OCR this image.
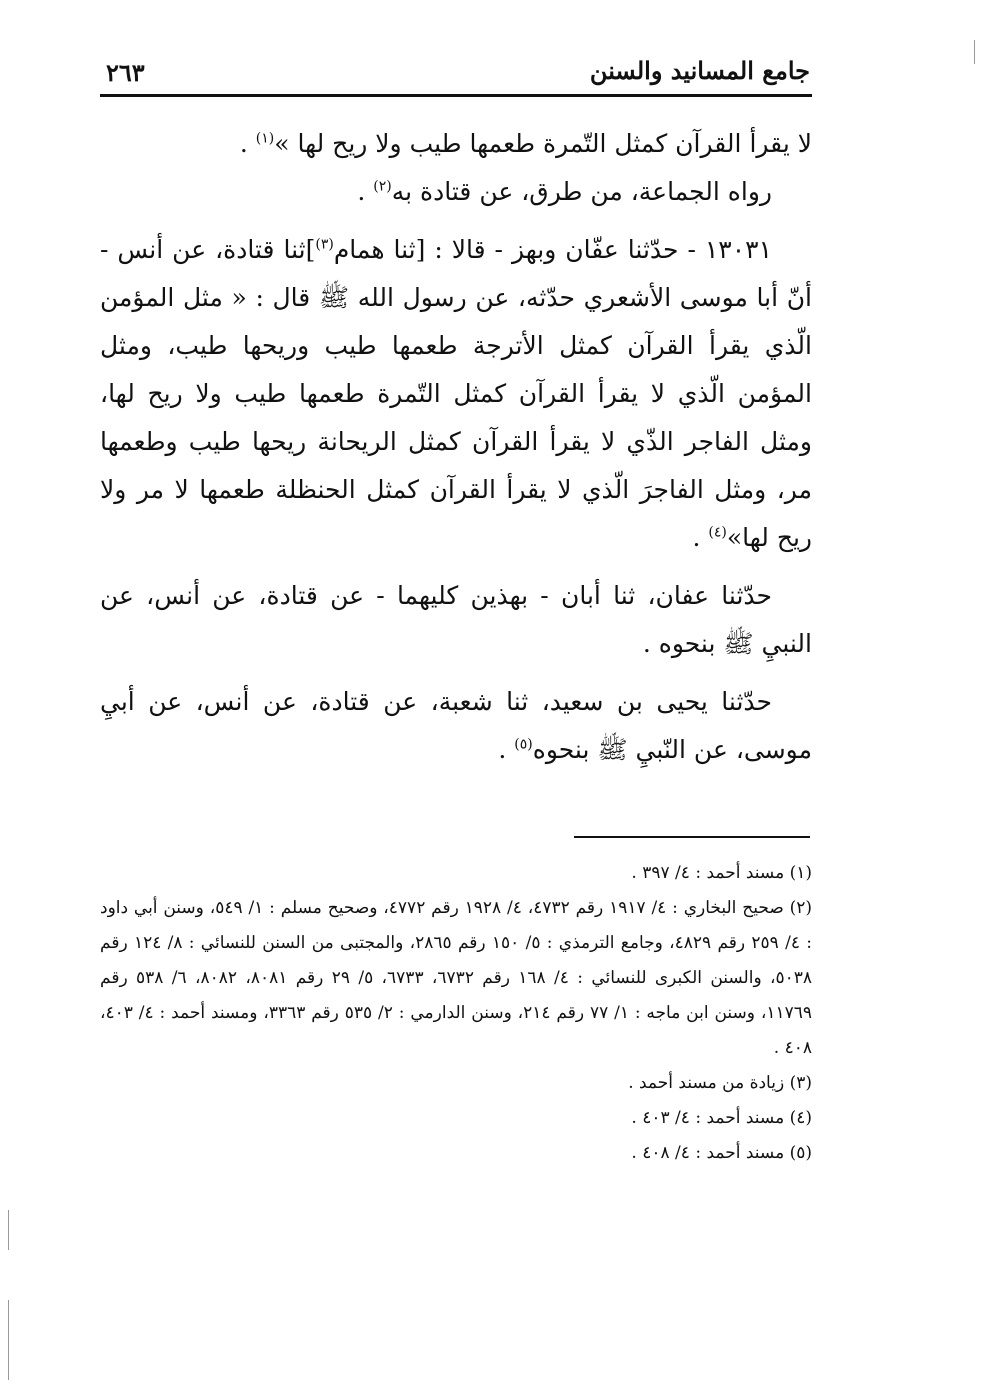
جامع المسانيد والسنن
٢٦٣

لا يقرأ القرآن كمثل التّمرة طعمها طيب ولا ريح لها »$^{(١)}$ .

رواه الجماعة، من طرق، عن قتادة به$^{(٢)}$ .

١٣٠٣١ - حدّثنا عفّان وبهز - قالا : [ثنا همام$^{(٣)}$]ثنا قتادة، عن أنس - أنّ أبا موسى الأشعري حدّثه، عن رسول الله ﷺ قال : « مثل المؤمن الّذي يقرأ القرآن كمثل الأترجة طعمها طيب وريحها طيب، ومثل المؤمن الّذي لا يقرأ القرآن كمثل التّمرة طعمها طيب ولا ريح لها، ومثل الفاجر الذّي لا يقرأ القرآن كمثل الريحانة ريحها طيب وطعمها مر، ومثل الفاجرَ الّذي لا يقرأ القرآن كمثل الحنظلة طعمها لا مر ولا ريح لها»$^{(٤)}$ .

حدّثنا عفان، ثنا أبان - بهذين كليهما - عن قتادة، عن أنس، عن النبيِ ﷺ بنحوه .

حدّثنا يحيى بن سعيد، ثنا شعبة، عن قتادة، عن أنس، عن أبيِ موسى، عن النّبيِ ﷺ بنحوه$^{(٥)}$ .

(١) مسند أحمد : ٤/ ٣٩٧ .

(٢) صحيح البخاري : ٤/ ١٩١٧ رقم ٤٧٣٢، ٤/ ١٩٢٨ رقم ٤٧٧٢، وصحيح مسلم : ١/ ٥٤٩، وسنن أبي داود : ٤/ ٢٥٩ رقم ٤٨٢٩، وجامع الترمذي : ٥/ ١٥٠ رقم ٢٨٦٥، والمجتبى من السنن للنسائي : ٨/ ١٢٤ رقم ٥٠٣٨، والسنن الكبرى للنسائي : ٤/ ١٦٨ رقم ٦٧٣٢، ٦٧٣٣، ٥/ ٢٩ رقم ٨٠٨١، ٨٠٨٢، ٦/ ٥٣٨ رقم ١١٧٦٩، وسنن ابن ماجه : ١/ ٧٧ رقم ٢١٤، وسنن الدارمي : ٢/ ٥٣٥ رقم ٣٣٦٣، ومسند أحمد : ٤/ ٤٠٣، ٤٠٨ .

(٣) زيادة من مسند أحمد .

(٤) مسند أحمد : ٤/ ٤٠٣ .

(٥) مسند أحمد : ٤/ ٤٠٨ .
